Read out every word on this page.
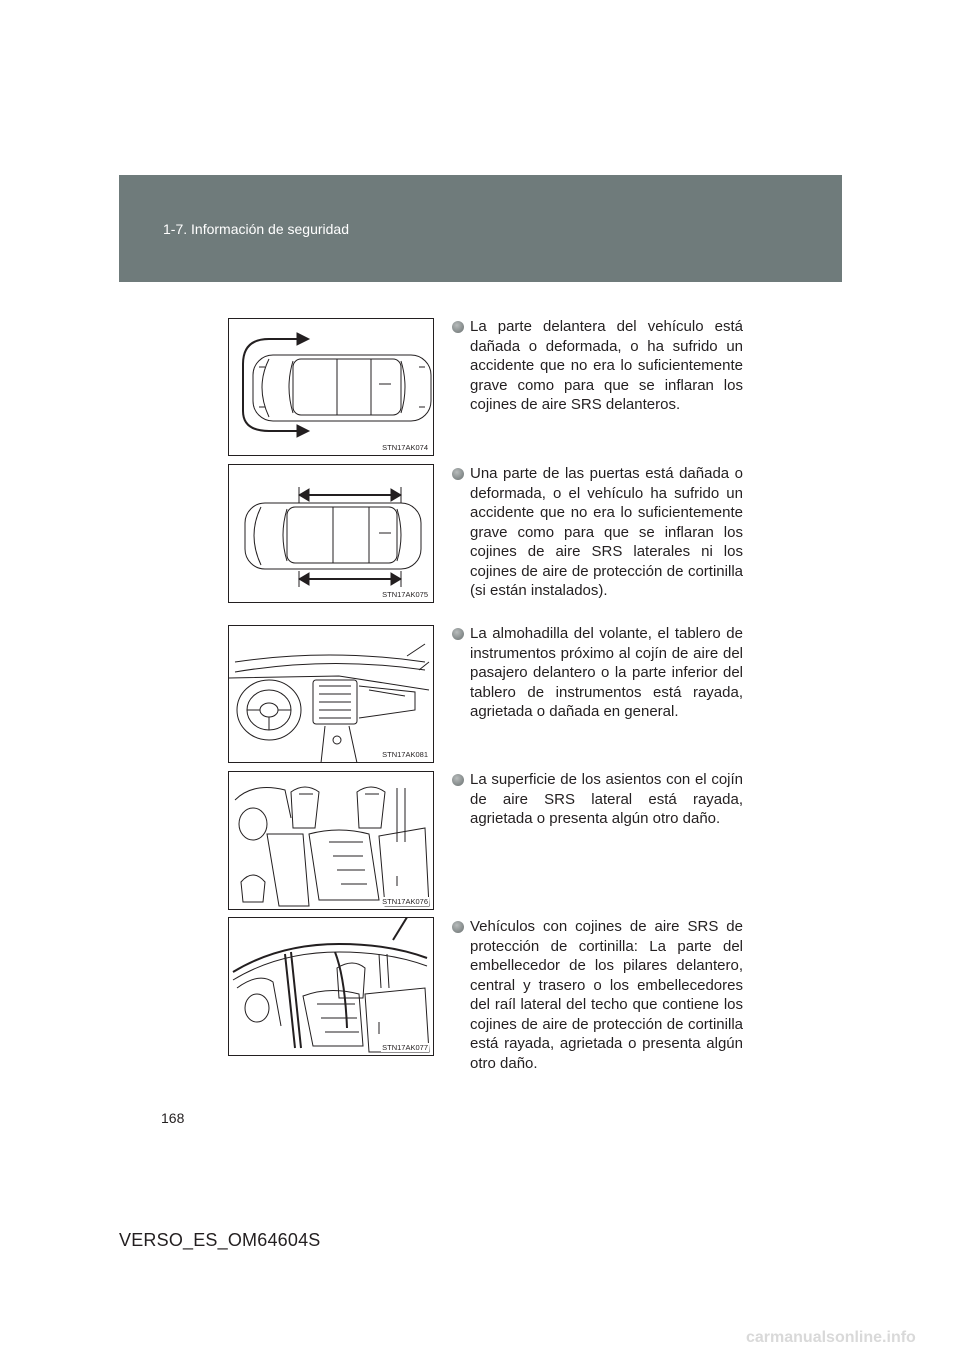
1-7. Información de seguridad
STN17AK074
STN17AK075
STN17AK081
STN17AK076
STN17AK077
La parte delantera del vehículo está dañada o deformada, o ha sufrido un accidente que no era lo suficientemente grave como para que se inflaran los cojines de aire SRS delanteros.
Una parte de las puertas está dañada o deformada, o el vehículo ha sufrido un accidente que no era lo suficientemente grave como para que se inflaran los cojines de aire SRS laterales ni los cojines de aire de protección de cortinilla (si están instalados).
La almohadilla del volante, el tablero de instrumentos próximo al cojín de aire del pasajero delantero o la parte inferior del tablero de instrumentos está rayada, agrietada o dañada en general.
La superficie de los asientos con el cojín de aire SRS lateral está rayada, agrietada o presenta algún otro daño.
Vehículos con cojines de aire SRS de protección de cortinilla: La parte del embellecedor de los pilares delantero, central y trasero o los embellecedores del raíl lateral del techo que contiene los cojines de aire de protección de cortinilla está rayada, agrietada o presenta algún otro daño.
168
VERSO_ES_OM64604S
carmanualsonline.info
